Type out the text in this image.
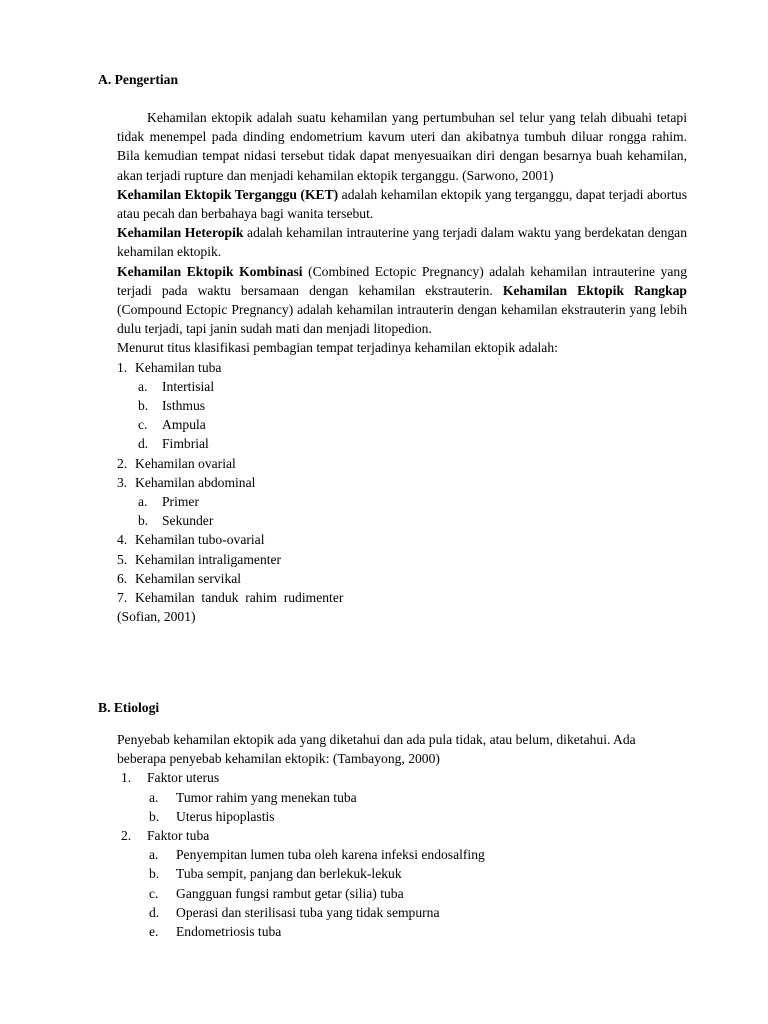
A. Pengertian

Kehamilan ektopik adalah suatu kehamilan yang pertumbuhan sel telur yang telah dibuahi tetapi tidak menempel pada dinding endometrium kavum uteri dan akibatnya tumbuh diluar rongga rahim. Bila kemudian tempat nidasi tersebut tidak dapat menyesuaikan diri dengan besarnya buah kehamilan, akan terjadi rupture dan menjadi kehamilan ektopik terganggu. (Sarwono, 2001)

Kehamilan Ektopik Terganggu (KET) adalah kehamilan ektopik yang terganggu, dapat terjadi abortus atau pecah dan berbahaya bagi wanita tersebut.

Kehamilan Heteropik adalah kehamilan intrauterine yang terjadi dalam waktu yang berdekatan dengan kehamilan ektopik.

Kehamilan Ektopik Kombinasi (Combined Ectopic Pregnancy) adalah kehamilan intrauterine yang terjadi pada waktu bersamaan dengan kehamilan ekstrauterin. Kehamilan Ektopik Rangkap (Compound Ectopic Pregnancy) adalah kehamilan intrauterin dengan kehamilan ekstrauterin yang lebih dulu terjadi, tapi janin sudah mati dan menjadi litopedion.

Menurut titus klasifikasi pembagian tempat terjadinya kehamilan ektopik adalah:

1. Kehamilan tuba
a. Intertisial
b. Isthmus
c. Ampula
d. Fimbrial
2. Kehamilan ovarial
3. Kehamilan abdominal
a. Primer
b. Sekunder
4. Kehamilan tubo-ovarial
5. Kehamilan intraligamenter
6. Kehamilan servikal
7. Kehamilan  tanduk  rahim  rudimenter

(Sofian, 2001)

B. Etiologi

Penyebab kehamilan ektopik ada yang diketahui dan ada pula tidak, atau belum, diketahui. Ada beberapa penyebab kehamilan ektopik: (Tambayong, 2000)

1. Faktor uterus
a. Tumor rahim yang menekan tuba
b. Uterus hipoplastis
2. Faktor tuba
a. Penyempitan lumen tuba oleh karena infeksi endosalfing
b. Tuba sempit, panjang dan berlekuk-lekuk
c. Gangguan fungsi rambut getar (silia) tuba
d. Operasi dan sterilisasi tuba yang tidak sempurna
e. Endometriosis tuba
